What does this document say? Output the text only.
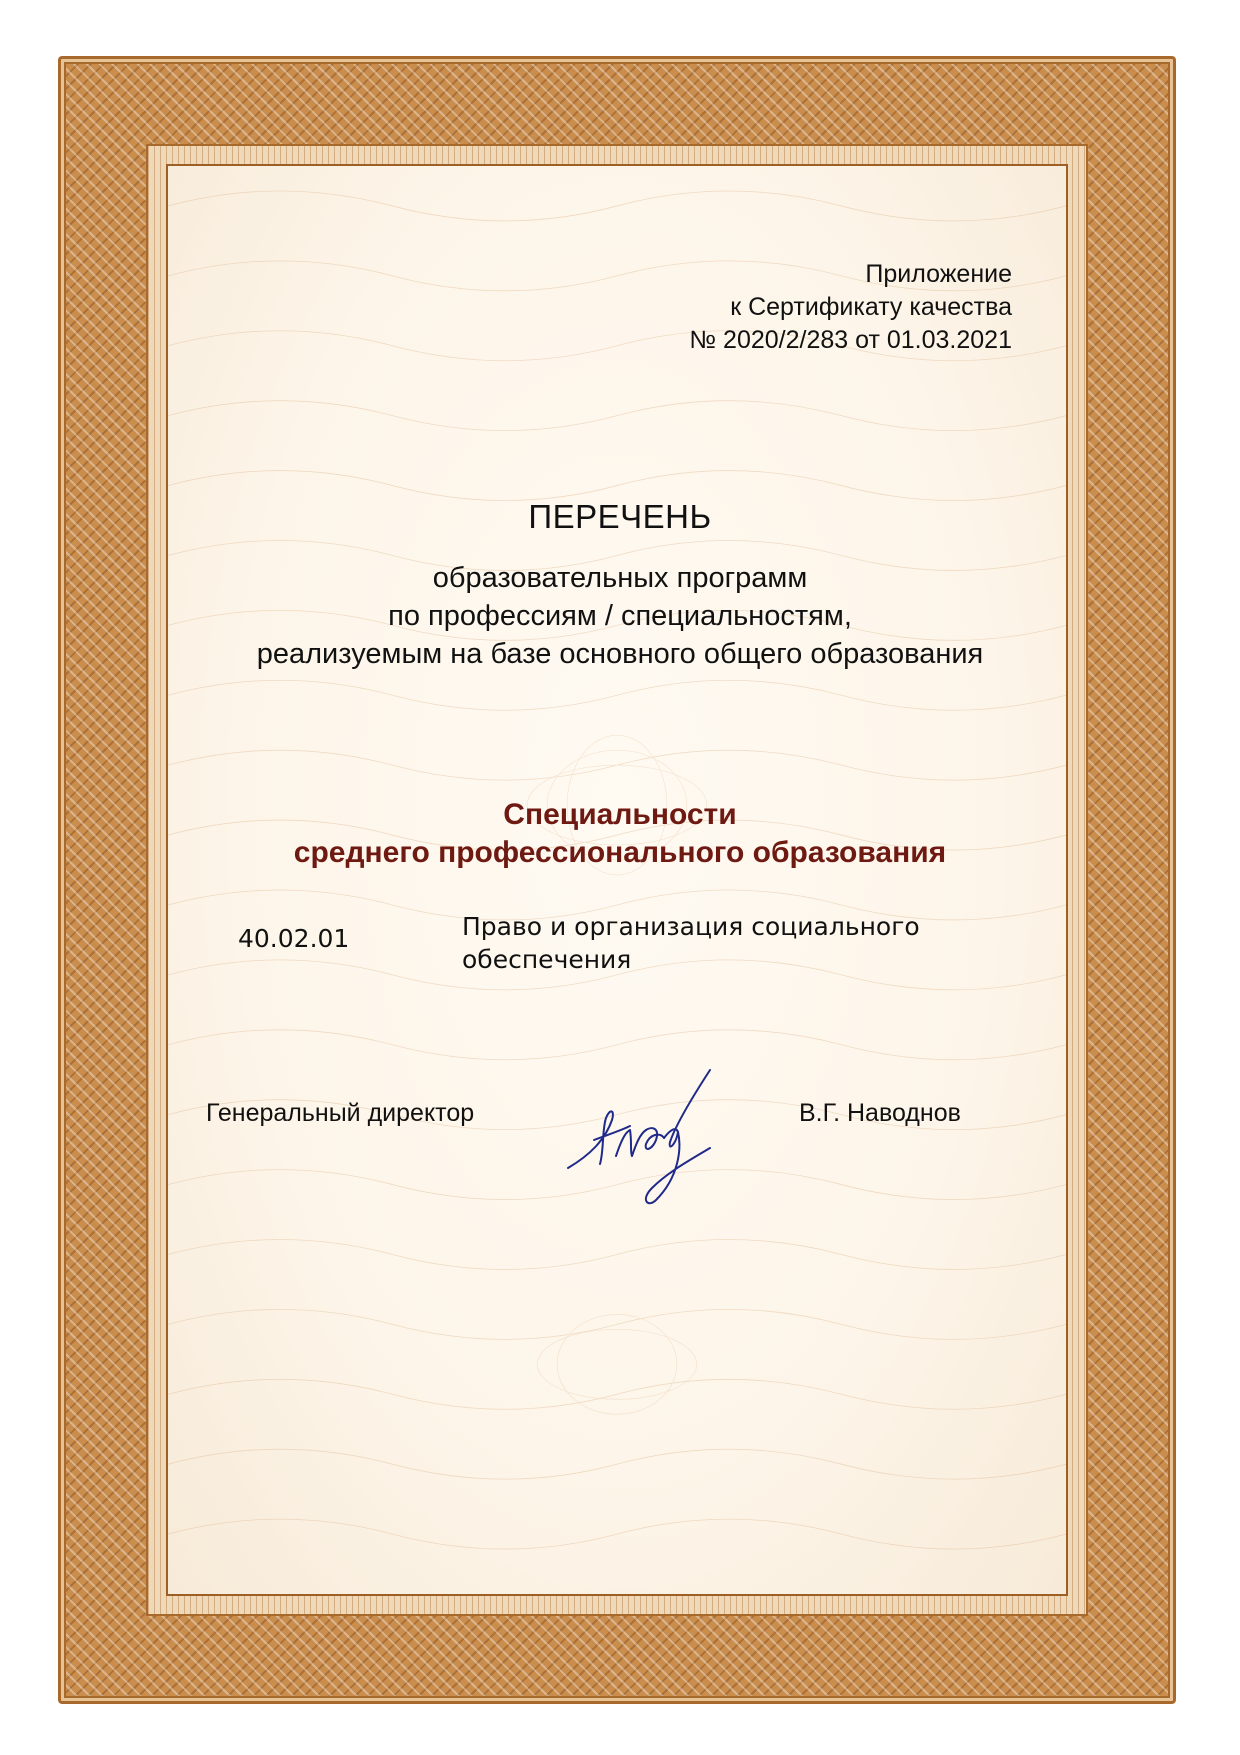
Приложение
к Сертификату качества
№ 2020/2/283 от 01.03.2021
ПЕРЕЧЕНЬ
образовательных программ
по профессиям / специальностям,
реализуемым на базе основного общего образования
Специальности
среднего профессионального образования
40.02.01	Право и организация социального
обеспечения
Генеральный директор	В.Г. Наводнов
